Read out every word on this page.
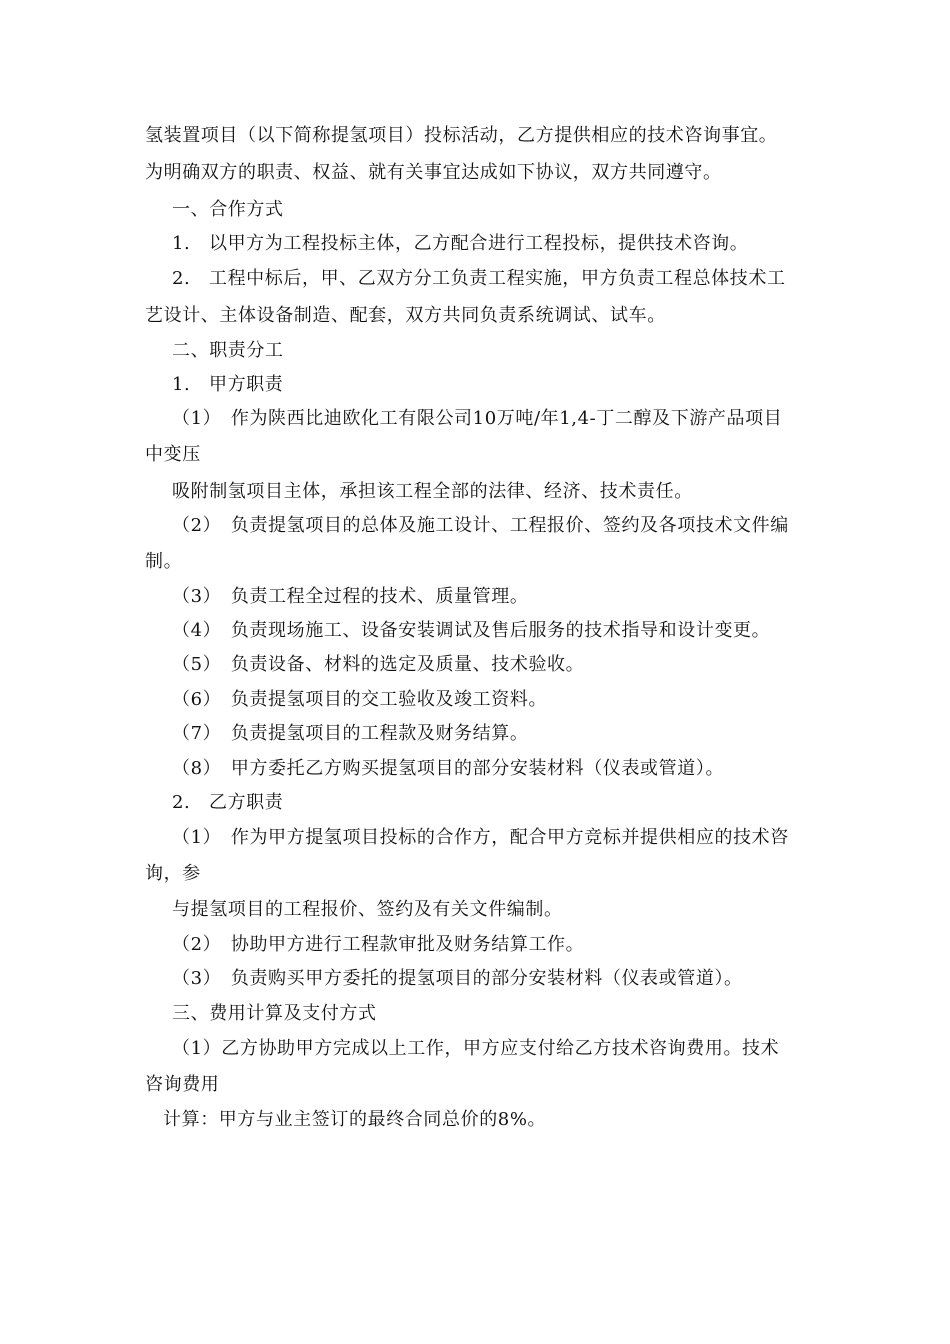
氢装置项目（以下简称提氢项目）投标活动，乙方提供相应的技术咨询事宜。

为明确双方的职责、权益、就有关事宜达成如下协议，双方共同遵守。

一、合作方式

1.　以甲方为工程投标主体，乙方配合进行工程投标，提供技术咨询。

2.　工程中标后，甲、乙双方分工负责工程实施，甲方负责工程总体技术工

艺设计、主体设备制造、配套，双方共同负责系统调试、试车。

二、职责分工

1.　甲方职责

（1）　作为陕西比迪欧化工有限公司10万吨/年1,4-丁二醇及下游产品项目

中变压

吸附制氢项目主体，承担该工程全部的法律、经济、技术责任。

（2）　负责提氢项目的总体及施工设计、工程报价、签约及各项技术文件编

制。

（3）　负责工程全过程的技术、质量管理。

（4）　负责现场施工、设备安装调试及售后服务的技术指导和设计变更。

（5）　负责设备、材料的选定及质量、技术验收。

（6）　负责提氢项目的交工验收及竣工资料。

（7）　负责提氢项目的工程款及财务结算。

（8）　甲方委托乙方购买提氢项目的部分安装材料（仪表或管道）。

2.　乙方职责

（1）　作为甲方提氢项目投标的合作方，配合甲方竞标并提供相应的技术咨

询，参

与提氢项目的工程报价、签约及有关文件编制。

（2）　协助甲方进行工程款审批及财务结算工作。

（3）　负责购买甲方委托的提氢项目的部分安装材料（仪表或管道）。

三、费用计算及支付方式

（1）乙方协助甲方完成以上工作，甲方应支付给乙方技术咨询费用。技术

咨询费用

计算：甲方与业主签订的最终合同总价的8%。
